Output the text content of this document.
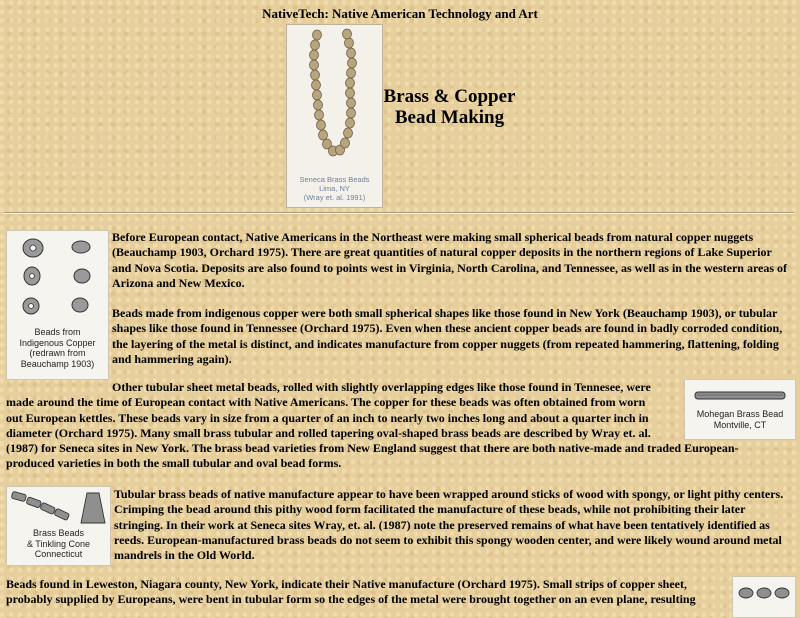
NativeTech: Native American Technology and Art
Seneca Brass Beads
Lima, NY
(Wray et. al. 1991)
Brass & Copper
Bead Making
Beads from
Indigenous Copper
(redrawn from
Beauchamp 1903)
Before European contact, Native Americans in the Northeast were making small spherical beads from natural copper nuggets (Beauchamp 1903, Orchard 1975). There are great quantities of natural copper deposits in the northern regions of Lake Superior and Nova Scotia. Deposits are also found to points west in Virginia, North Carolina, and Tennessee, as well as in the western areas of Arizona and New Mexico.
Beads made from indigenous copper were both small spherical shapes like those found in New York (Beauchamp 1903), or tubular shapes like those found in Tennessee (Orchard 1975). Even when these ancient copper beads are found in badly corroded condition, the layering of the metal is distinct, and indicates manufacture from copper nuggets (from repeated hammering, flattening, folding and hammering again).
Mohegan Brass Bead
Montville, CT
Other tubular sheet metal beads, rolled with slightly overlapping edges like those found in Tennesee, were
made around the time of European contact with Native Americans. The copper for these beads was often obtained from worn
out European kettles. These beads vary in size from a quarter of an inch to nearly two inches long and about a quarter inch in
diameter (Orchard 1975). Many small brass tubular and rolled tapering oval-shaped brass beads are described by Wray et. al.
(1987) for Seneca sites in New York. The brass bead varieties from New England suggest that there are both native-made and traded European-
produced varieties in both the small tubular and oval bead forms.
Brass Beads
& Tinkling Cone
Connecticut
Tubular brass beads of native manufacture appear to have been wrapped around sticks of wood with spongy, or light pithy centers. Crimping the bead around this pithy wood form facilitated the manufacture of these beads, while not prohibiting their later stringing. In their work at Seneca sites Wray, et. al. (1987) note the preserved remains of what have been tentatively identified as reeds. European-manufactured brass beads do not seem to exhibit this spongy wooden center, and were likely wound around metal mandrels in the Old World.
Beads found in Leweston, Niagara county, New York, indicate their Native manufacture (Orchard 1975). Small strips of copper sheet,
probably supplied by Europeans, were bent in tubular form so the edges of the metal were brought together on an even plane, resulting
